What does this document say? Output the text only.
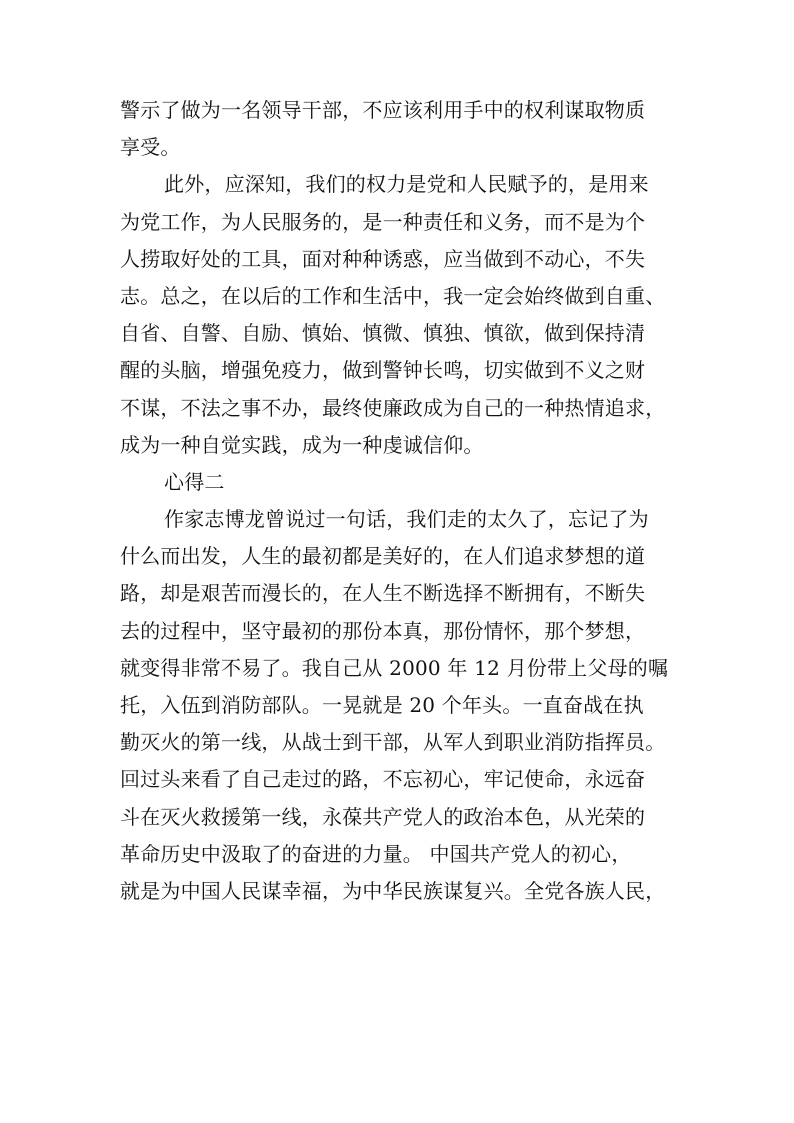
警示了做为一名领导干部，不应该利用手中的权利谋取物质
享受。
此外，应深知，我们的权力是党和人民赋予的，是用来
为党工作，为人民服务的，是一种责任和义务，而不是为个
人捞取好处的工具，面对种种诱惑，应当做到不动心，不失
志。总之，在以后的工作和生活中，我一定会始终做到自重、
自省、自警、自励、慎始、慎微、慎独、慎欲，做到保持清
醒的头脑，增强免疫力，做到警钟长鸣，切实做到不义之财
不谋，不法之事不办，最终使廉政成为自己的一种热情追求，
成为一种自觉实践，成为一种虔诚信仰。
心得二
作家志博龙曾说过一句话，我们走的太久了，忘记了为
什么而出发，人生的最初都是美好的，在人们追求梦想的道
路，却是艰苦而漫长的，在人生不断选择不断拥有，不断失
去的过程中，坚守最初的那份本真，那份情怀，那个梦想，
就变得非常不易了。我自己从 2000 年 12 月份带上父母的嘱
托，入伍到消防部队。一晃就是 20 个年头。一直奋战在执
勤灭火的第一线，从战士到干部，从军人到职业消防指挥员。
回过头来看了自己走过的路，不忘初心，牢记使命，永远奋
斗在灭火救援第一线，永葆共产党人的政治本色，从光荣的
革命历史中汲取了的奋进的力量。 中国共产党人的初心，
就是为中国人民谋幸福，为中华民族谋复兴。全党各族人民，
